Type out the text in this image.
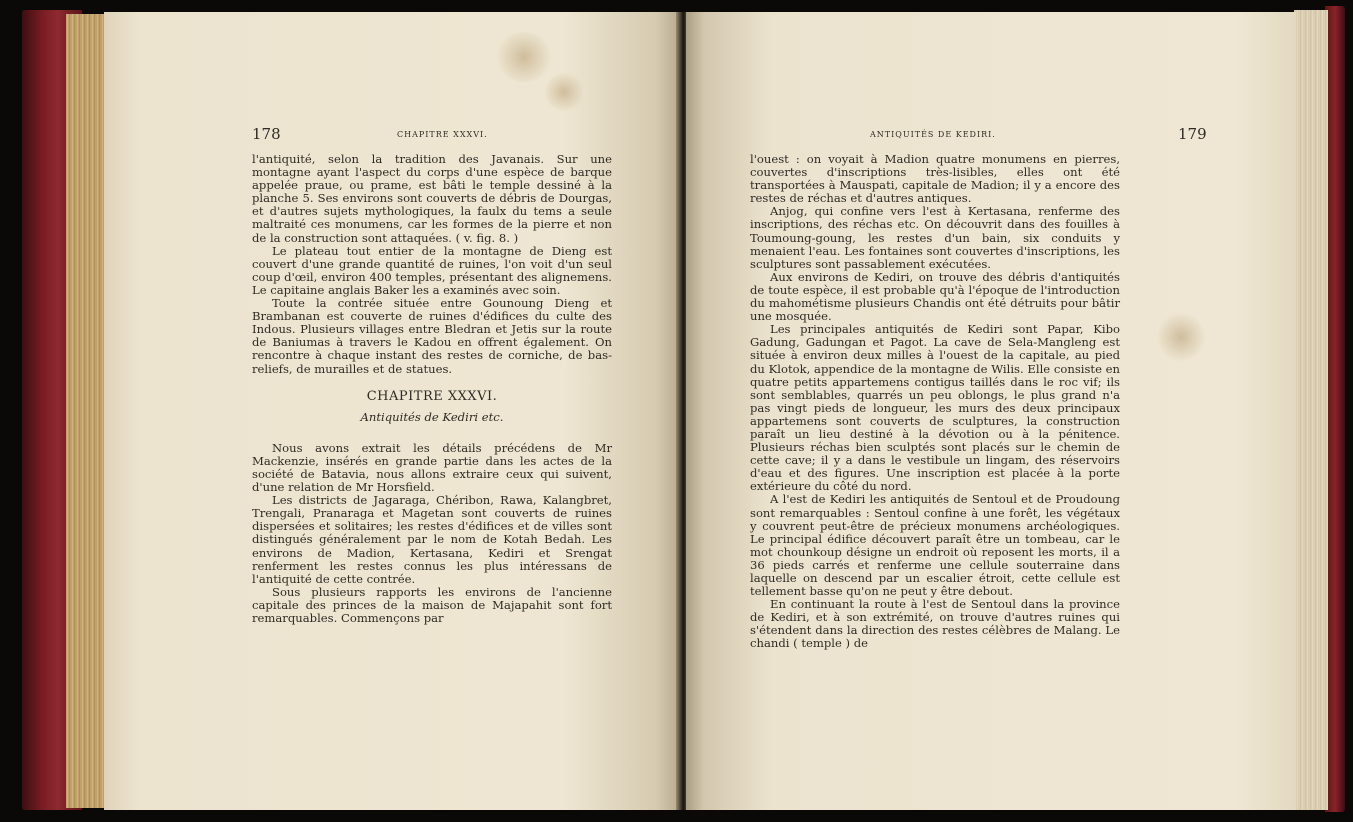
178	CHAPITRE XXXVI.

l'antiquité, selon la tradition des Javanais. Sur une montagne ayant l'aspect du corps d'une espèce de barque appelée praue, ou prame, est bâti le temple dessiné à la planche 5. Ses environs sont couverts de débris de Dourgas, et d'autres sujets mythologiques, la faulx du tems a seule maltraité ces monumens, car les formes de la pierre et non de la construction sont attaquées. ( v. fig. 8. )

Le plateau tout entier de la montagne de Dieng est couvert d'une grande quantité de ruines, l'on voit d'un seul coup d'œil, environ 400 temples, présentant des alignemens. Le capitaine anglais Baker les a examinés avec soin.

Toute la contrée située entre Gounoung Dieng et Brambanan est couverte de ruines d'édifices du culte des Indous. Plusieurs villages entre Bledran et Jetis sur la route de Baniumas à travers le Kadou en offrent également. On rencontre à chaque instant des restes de corniche, de bas-reliefs, de murailles et de statues.

CHAPITRE XXXVI.

Antiquités de Kediri etc.

Nous avons extrait les détails précédens de Mr Mackenzie, insérés en grande partie dans les actes de la société de Batavia, nous allons extraire ceux qui suivent, d'une relation de Mr Horsfield.

Les districts de Jagaraga, Chéribon, Rawa, Kalangbret, Trengali, Pranaraga et Magetan sont couverts de ruines dispersées et solitaires; les restes d'édifices et de villes sont distingués généralement par le nom de Kotah Bedah. Les environs de Madion, Kertasana, Kediri et Srengat renferment les restes connus les plus intéressans de l'antiquité de cette contrée.

Sous plusieurs rapports les environs de l'ancienne capitale des princes de la maison de Majapahit sont fort remarquables. Commençons par

ANTIQUITÉS DE KEDIRI.	179

l'ouest : on voyait à Madion quatre monumens en pierres, couvertes d'inscriptions très-lisibles, elles ont été transportées à Mauspati, capitale de Madion; il y a encore des restes de réchas et d'autres antiques.

Anjog, qui confine vers l'est à Kertasana, renferme des inscriptions, des réchas etc. On découvrit dans des fouilles à Toumoung-goung, les restes d'un bain, six conduits y menaient l'eau. Les fontaines sont couvertes d'inscriptions, les sculptures sont passablement exécutées.

Aux environs de Kediri, on trouve des débris d'antiquités de toute espèce, il est probable qu'à l'époque de l'introduction du mahométisme plusieurs Chandis ont été détruits pour bâtir une mosquée.

Les principales antiquités de Kediri sont Papar, Kibo Gadung, Gadungan et Pagot. La cave de Sela-Mangleng est située à environ deux milles à l'ouest de la capitale, au pied du Klotok, appendice de la montagne de Wilis. Elle consiste en quatre petits appartemens contigus taillés dans le roc vif; ils sont semblables, quarrés un peu oblongs, le plus grand n'a pas vingt pieds de longueur, les murs des deux principaux appartemens sont couverts de sculptures, la construction paraît un lieu destiné à la dévotion ou à la pénitence. Plusieurs réchas bien sculptés sont placés sur le chemin de cette cave; il y a dans le vestibule un lingam, des réservoirs d'eau et des figures. Une inscription est placée à la porte extérieure du côté du nord.

A l'est de Kediri les antiquités de Sentoul et de Proudoung sont remarquables : Sentoul confine à une forêt, les végétaux y couvrent peut-être de précieux monumens archéologiques. Le principal édifice découvert paraît être un tombeau, car le mot chounkoup désigne un endroit où reposent les morts, il a 36 pieds carrés et renferme une cellule souterraine dans laquelle on descend par un escalier étroit, cette cellule est tellement basse qu'on ne peut y être debout.

En continuant la route à l'est de Sentoul dans la province de Kediri, et à son extrémité, on trouve d'autres ruines qui s'étendent dans la direction des restes célèbres de Malang. Le chandi ( temple ) de
